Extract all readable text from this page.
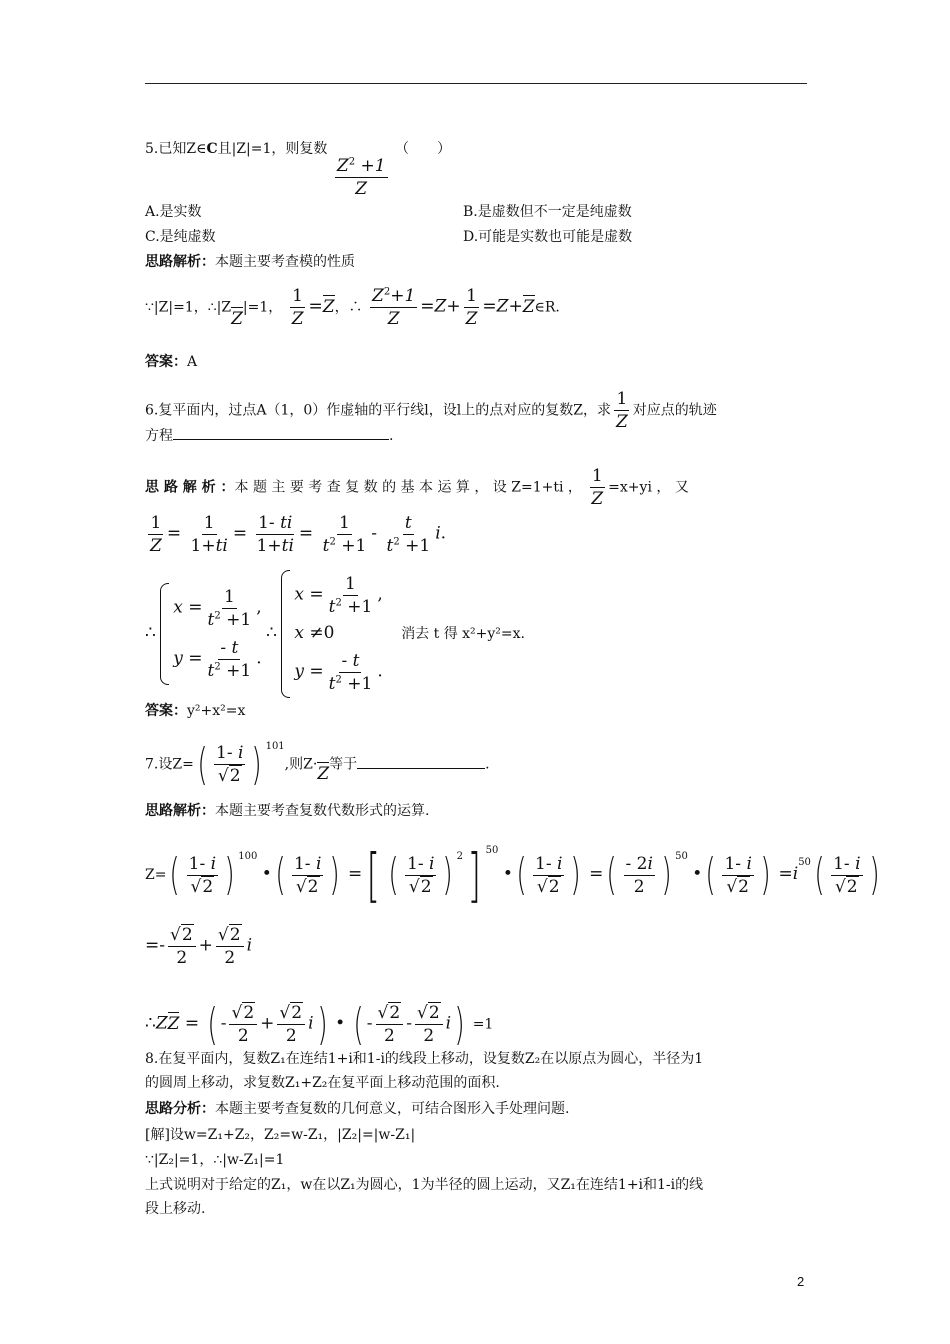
5.已知Z∈C且|Z|=1，则复数
$\frac{Z^2 +1}{Z}$
（　　）
A.是实数	B.是虚数但不一定是纯虚数
C.是纯虚数	D.可能是实数也可能是虚数
思路解析：本题主要考查模的性质
∵|Z|=1，∴|ZZ|=1， $\frac{1}{Z} =Z$，∴ $\frac{Z^2+1}{Z} =Z+ \frac{1}{Z}$ =Z+Z∈R.
答案：A
6.复平面内，过点A（1，0）作虚轴的平行线l，设l上的点对应的复数Z，求 $\frac{1}{Z}$ 对应点的轨迹
方程	.
思 路 解 析 ：本 题 主 要 考 查 复 数 的 基 本 运 算 ， 设 Z=1+ti ， $\frac{1}{Z} =x+yi$ ， 又
$\frac{1}{Z} = \frac{1}{1+ti} = \frac{1- ti}{1+ti} = \frac{1}{t^2 +1} - \frac{t}{t^2 +1} i$.
∴
$x = \frac{1}{t^2 +1}$ ,
$y = \frac{- t}{t^2 +1}$ .
∴
$x = \frac{1}{t^2 +1}$ ,
x ≠0
$y = \frac{- t}{t^2 +1}$ .
消去 t 得 x²+y²=x.
答案：y²+x²=x
7.设$Z=( \frac{1- i}{√2}$ ) $^{101}$,则Z·Z等于	.
思路解析：本题主要考查复数代数形式的运算.
$Z=( \frac{1- i}{√2}$ ) $^{100}$ •( $\frac{1- i}{√2}$ ) =[ ( $\frac{1- i}{√2}$ ) $^2$] $^{50}$ •( $\frac{1- i}{√2}$ ) =( $\frac{- 2i}{2}$ ) $^{50}$ •( $\frac{1- i}{√2}$ ) $=i^{50}( \frac{1- i}{√2}$ )
=- $\frac{√2}{2} + \frac{√2}{2}$ i
∴ZZ = ( - $\frac{√2}{2} + \frac{√2}{2} i$) • ( - $\frac{√2}{2} - \frac{√2}{2} i) =1$
8.在复平面内，复数Z₁在连结1+i和1-i的线段上移动，设复数Z₂在以原点为圆心，半径为1
的圆周上移动，求复数Z₁+Z₂在复平面上移动范围的面积.
思路分析：本题主要考查复数的几何意义，可结合图形入手处理问题.
[解]设w=Z₁+Z₂，Z₂=w-Z₁，|Z₂|=|w-Z₁|
∵|Z₂|=1，∴|w-Z₁|=1
上式说明对于给定的Z₁，w在以Z₁为圆心，1为半径的圆上运动，又Z₁在连结1+i和1-i的线
段上移动.
2
